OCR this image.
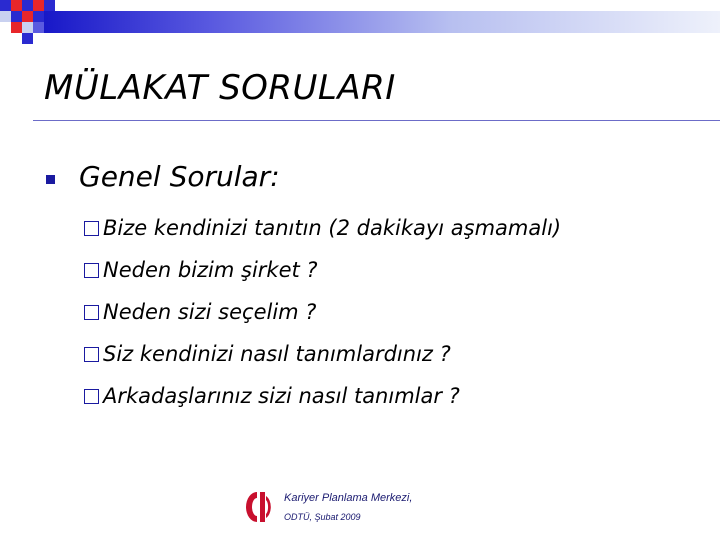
MÜLAKAT SORULARI
Genel Sorular:
Bize kendinizi tanıtın (2 dakikayı aşmamalı)
Neden bizim şirket ?
Neden sizi seçelim ?
Siz kendinizi nasıl tanımlardınız ?
Arkadaşlarınız sizi nasıl tanımlar ?
Kariyer Planlama Merkezi,
ODTÜ, Şubat 2009
